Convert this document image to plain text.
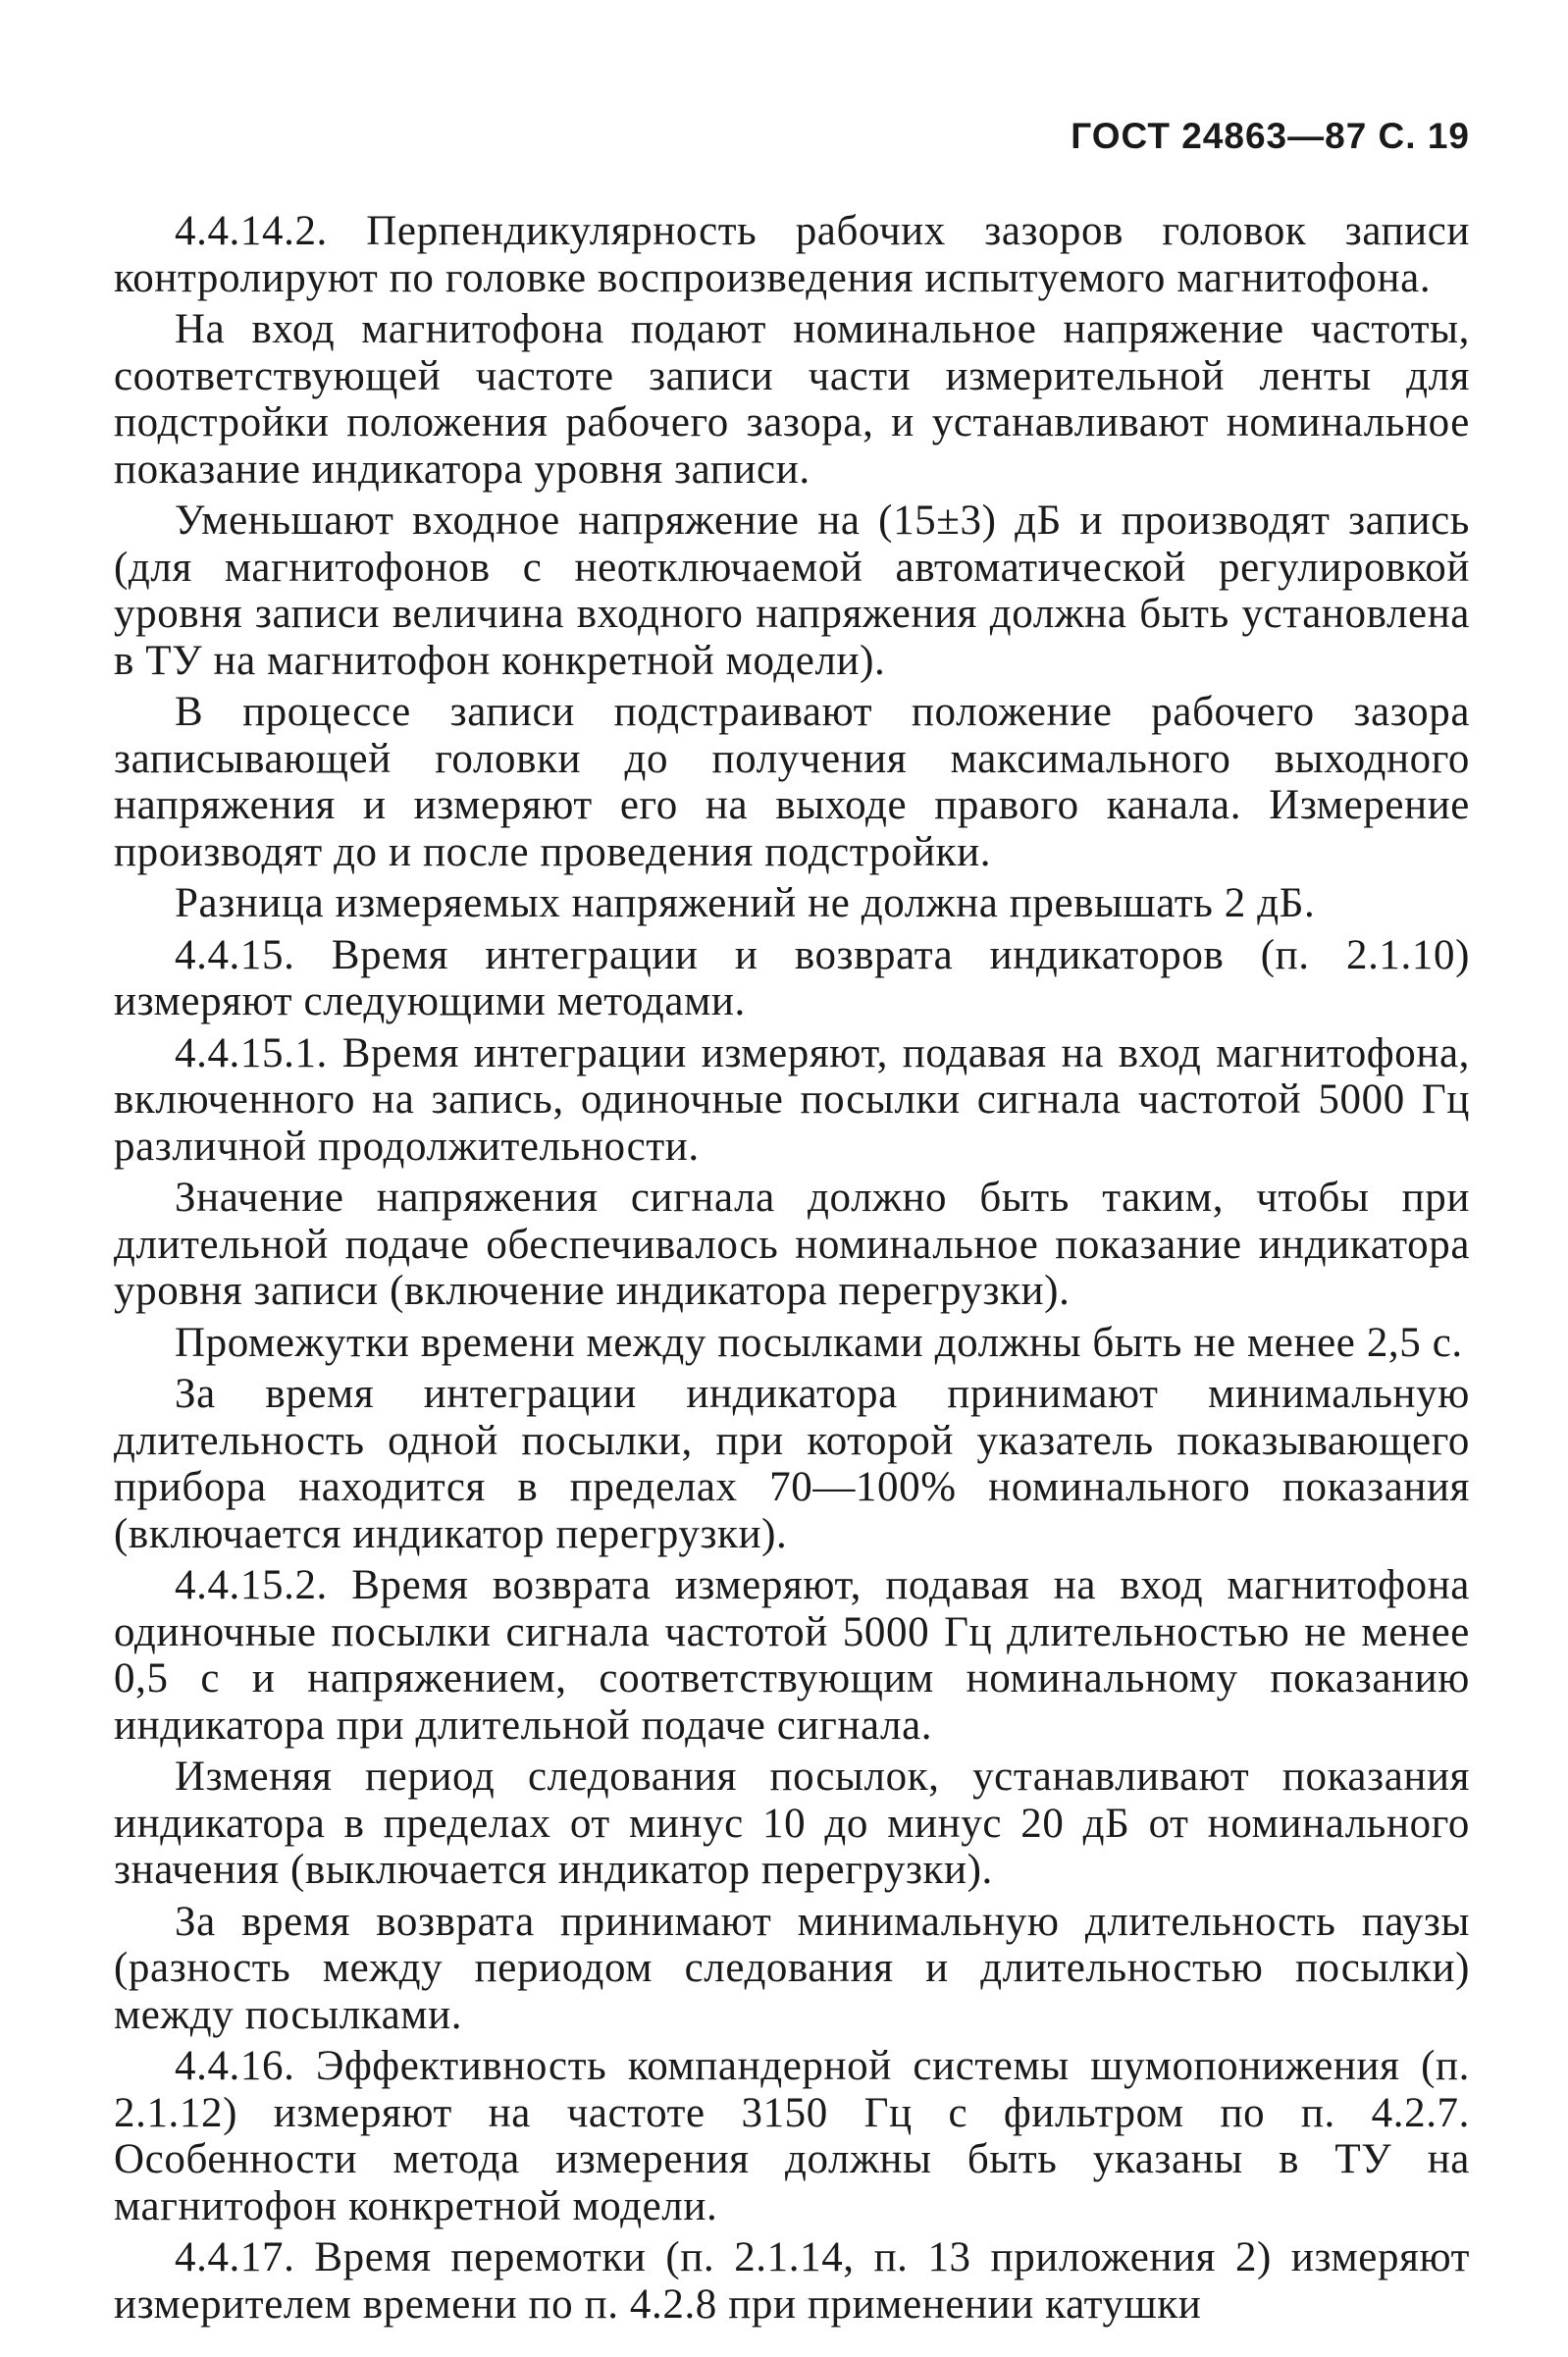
ГОСТ 24863—87 С. 19

4.4.14.2. Перпендикулярность рабочих зазоров головок записи контролируют по головке воспроизведения испытуемого магнитофона.

На вход магнитофона подают номинальное напряжение частоты, соответствующей частоте записи части измерительной ленты для подстройки положения рабочего зазора, и устанавливают номинальное показание индикатора уровня записи.

Уменьшают входное напряжение на (15±3) дБ и производят запись (для магнитофонов с неотключаемой автоматической регулировкой уровня записи величина входного напряжения должна быть установлена в ТУ на магнитофон конкретной модели).

В процессе записи подстраивают положение рабочего зазора записывающей головки до получения максимального выходного напряжения и измеряют его на выходе правого канала. Измерение производят до и после проведения подстройки.

Разница измеряемых напряжений не должна превышать 2 дБ.

4.4.15. Время интеграции и возврата индикаторов (п. 2.1.10) измеряют следующими методами.

4.4.15.1. Время интеграции измеряют, подавая на вход магнитофона, включенного на запись, одиночные посылки сигнала частотой 5000 Гц различной продолжительности.

Значение напряжения сигнала должно быть таким, чтобы при длительной подаче обеспечивалось номинальное показание индикатора уровня записи (включение индикатора перегрузки).

Промежутки времени между посылками должны быть не менее 2,5 с.

За время интеграции индикатора принимают минимальную длительность одной посылки, при которой указатель показывающего прибора находится в пределах 70—100% номинального показания (включается индикатор перегрузки).

4.4.15.2. Время возврата измеряют, подавая на вход магнитофона одиночные посылки сигнала частотой 5000 Гц длительностью не менее 0,5 с и напряжением, соответствующим номинальному показанию индикатора при длительной подаче сигнала.

Изменяя период следования посылок, устанавливают показания индикатора в пределах от минус 10 до минус 20 дБ от номинального значения (выключается индикатор перегрузки).

За время возврата принимают минимальную длительность паузы (разность между периодом следования и длительностью посылки) между посылками.

4.4.16. Эффективность компандерной системы шумопонижения (п. 2.1.12) измеряют на частоте 3150 Гц с фильтром по п. 4.2.7. Особенности метода измерения должны быть указаны в ТУ на магнитофон конкретной модели.

4.4.17. Время перемотки (п. 2.1.14, п. 13 приложения 2) измеряют измерителем времени по п. 4.2.8 при применении катушки
